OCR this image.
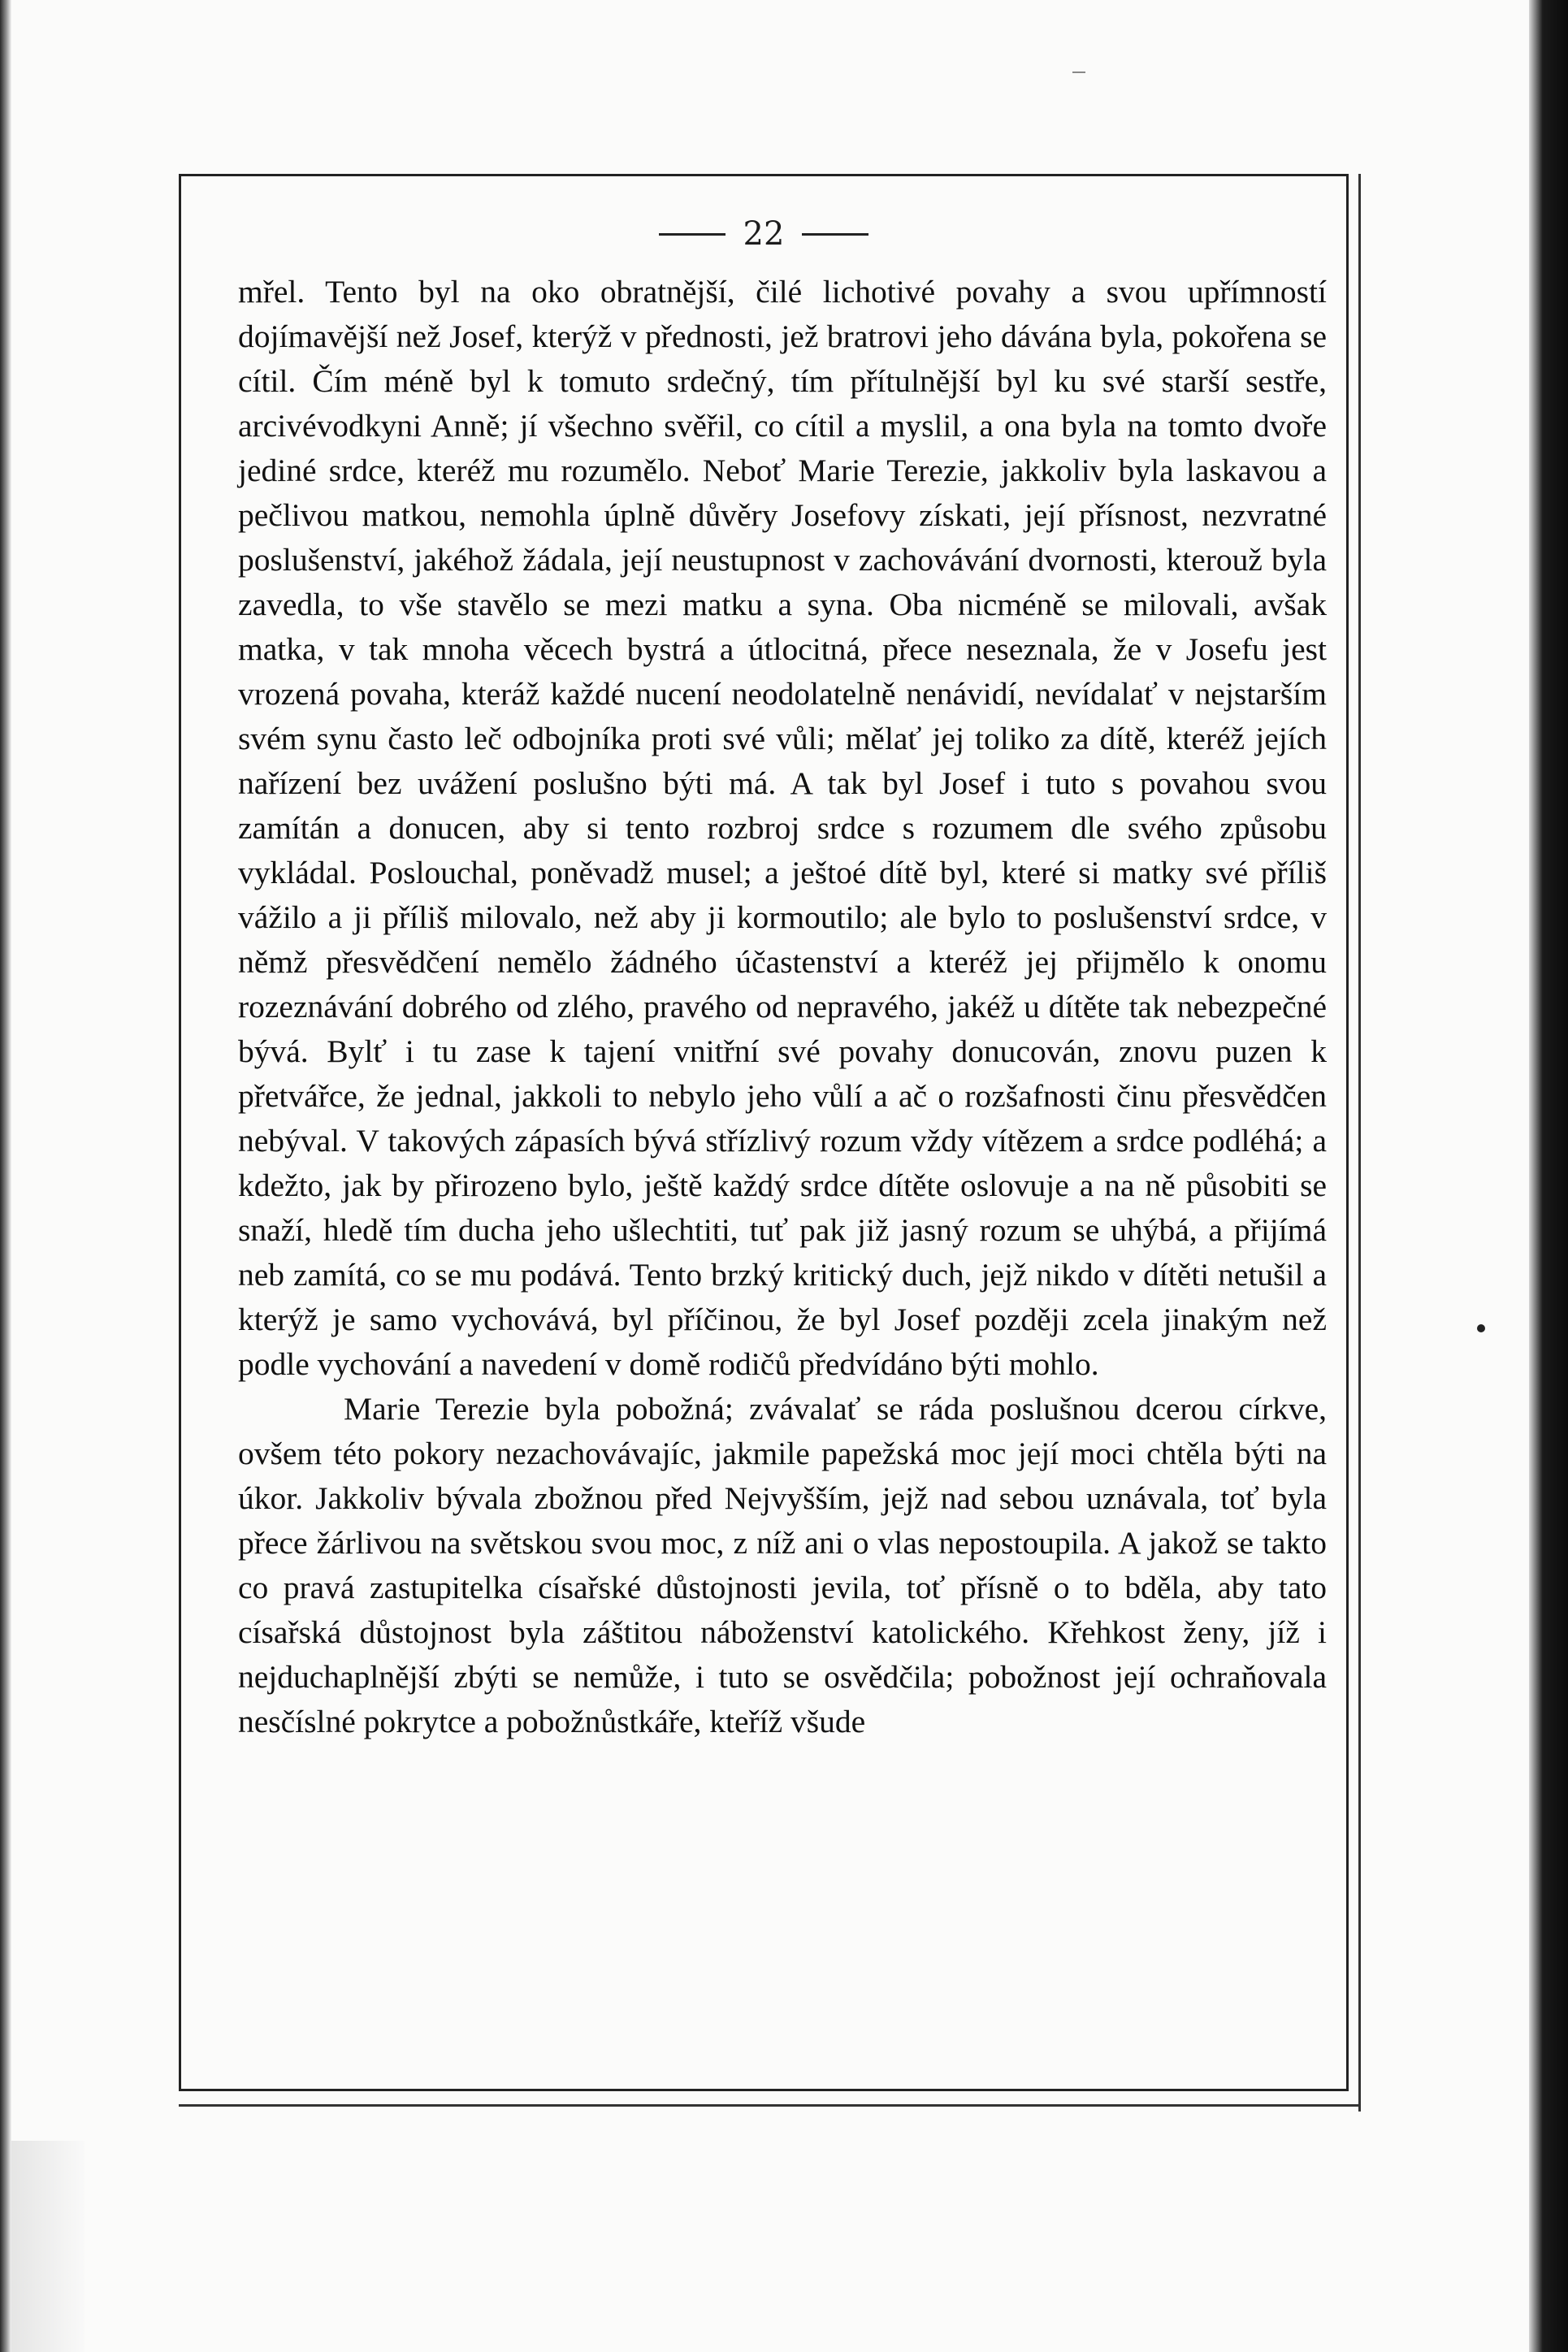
22

mřel. Tento byl na oko obratnější, čilé lichotivé povahy a svou upřímností dojímavější než Josef, kterýž v přednosti, jež bratrovi jeho dávána byla, pokořena se cítil. Čím méně byl k tomuto srdečný, tím přítulnější byl ku své starší sestře, arcivévodkyni Anně; jí všechno svěřil, co cítil a myslil, a ona byla na tomto dvoře jediné srdce, kteréž mu rozumělo. Neboť Marie Terezie, jakkoliv byla laskavou a pečlivou matkou, nemohla úplně důvěry Josefovy získati, její přísnost, nezvratné poslušenství, jakéhož žádala, její neustupnost v zachovávání dvornosti, kterouž byla zavedla, to vše stavělo se mezi matku a syna. Oba nicméně se milovali, avšak matka, v tak mnoha věcech bystrá a útlocitná, přece neseznala, že v Josefu jest vrozená povaha, kteráž každé nucení neodolatelně nenávidí, nevídalať v nejstarším svém synu často leč odbojníka proti své vůli; mělať jej toliko za dítě, kteréž jejích nařízení bez uvážení poslušno býti má. A tak byl Josef i tuto s povahou svou zamítán a donucen, aby si tento rozbroj srdce s rozumem dle svého způsobu vykládal. Poslouchal, poněvadž musel; a ještoé dítě byl, které si matky své příliš vážilo a ji příliš milovalo, než aby ji kormoutilo; ale bylo to poslušenství srdce, v němž přesvědčení nemělo žádného účastenství a kteréž jej přijmělo k onomu rozeznávání dobrého od zlého, pravého od nepravého, jakéž u dítěte tak nebezpečné bývá. Bylť i tu zase k tajení vnitřní své povahy donucován, znovu puzen k přetvářce, že jednal, jakkoli to nebylo jeho vůlí a ač o rozšafnosti činu přesvědčen nebýval. V takových zápasích bývá střízlivý rozum vždy vítězem a srdce podléhá; a kdežto, jak by přirozeno bylo, ještě každý srdce dítěte oslovuje a na ně působiti se snaží, hledě tím ducha jeho ušlechtiti, tuť pak již jasný rozum se uhýbá, a přijímá neb zamítá, co se mu podává. Tento brzký kritický duch, jejž nikdo v dítěti netušil a kterýž je samo vychovává, byl příčinou, že byl Josef později zcela jinakým než podle vychování a navedení v domě rodičů předvídáno býti mohlo.

Marie Terezie byla pobožná; zvávalať se ráda poslušnou dcerou církve, ovšem této pokory nezachovávajíc, jakmile papežská moc její moci chtěla býti na úkor. Jakkoliv bývala zbožnou před Nejvyšším, jejž nad sebou uznávala, toť byla přece žárlivou na světskou svou moc, z níž ani o vlas nepostoupila. A jakož se takto co pravá zastupitelka císařské důstojnosti jevila, toť přísně o to bděla, aby tato císařská důstojnost byla záštitou náboženství katolického. Křehkost ženy, jíž i nejduchaplnější zbýti se nemůže, i tuto se osvědčila; pobožnost její ochraňovala nesčíslné pokrytce a pobožnůstkáře, kteříž všude
